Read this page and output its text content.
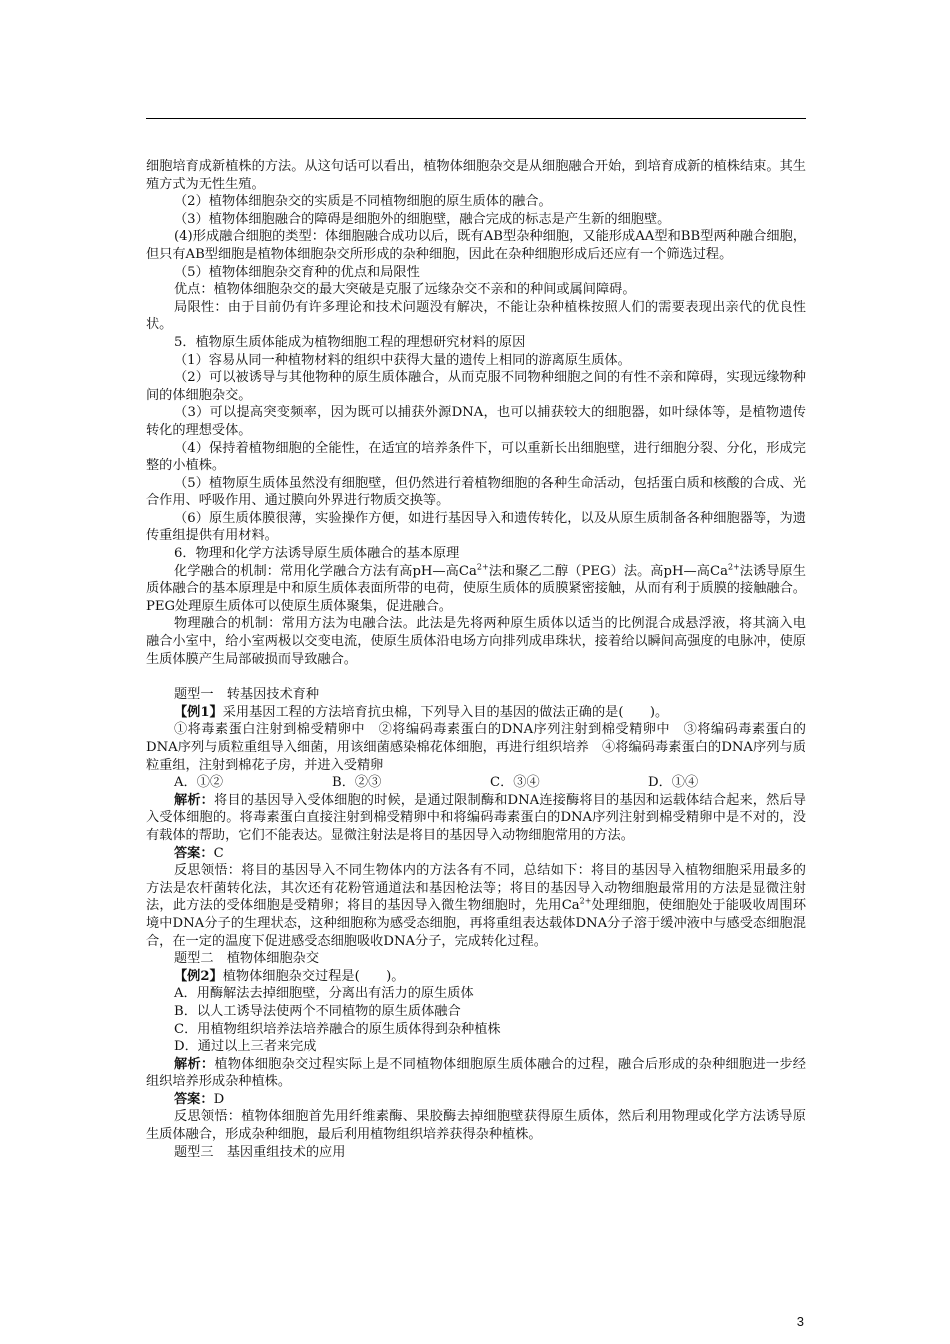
细胞培育成新植株的方法。从这句话可以看出，植物体细胞杂交是从细胞融合开始，到培育成新的植株结束。其生殖方式为无性生殖。

（2）植物体细胞杂交的实质是不同植物细胞的原生质体的融合。

（3）植物体细胞融合的障碍是细胞外的细胞壁，融合完成的标志是产生新的细胞壁。

(4)形成融合细胞的类型：体细胞融合成功以后，既有AB型杂种细胞，又能形成AA型和BB型两种融合细胞，但只有AB型细胞是植物体细胞杂交所形成的杂种细胞，因此在杂种细胞形成后还应有一个筛选过程。

（5）植物体细胞杂交育种的优点和局限性

优点：植物体细胞杂交的最大突破是克服了远缘杂交不亲和的种间或属间障碍。

局限性：由于目前仍有许多理论和技术问题没有解决，不能让杂种植株按照人们的需要表现出亲代的优良性状。

5．植物原生质体能成为植物细胞工程的理想研究材料的原因

（1）容易从同一种植物材料的组织中获得大量的遗传上相同的游离原生质体。

（2）可以被诱导与其他物种的原生质体融合，从而克服不同物种细胞之间的有性不亲和障碍，实现远缘物种间的体细胞杂交。

（3）可以提高突变频率，因为既可以捕获外源DNA，也可以捕获较大的细胞器，如叶绿体等，是植物遗传转化的理想受体。

（4）保持着植物细胞的全能性，在适宜的培养条件下，可以重新长出细胞壁，进行细胞分裂、分化，形成完整的小植株。

（5）植物原生质体虽然没有细胞壁，但仍然进行着植物细胞的各种生命活动，包括蛋白质和核酸的合成、光合作用、呼吸作用、通过膜向外界进行物质交换等。

（6）原生质体膜很薄，实验操作方便，如进行基因导入和遗传转化，以及从原生质制备各种细胞器等，为遗传重组提供有用材料。

6．物理和化学方法诱导原生质体融合的基本原理

化学融合的机制：常用化学融合方法有高pH—高$Ca^{2+}$法和聚乙二醇（PEG）法。高pH—高$Ca^{2+}$法诱导原生质体融合的基本原理是中和原生质体表面所带的电荷，使原生质体的质膜紧密接触，从而有利于质膜的接触融合。PEG处理原生质体可以使原生质体聚集，促进融合。

物理融合的机制：常用方法为电融合法。此法是先将两种原生质体以适当的比例混合成悬浮液，将其滴入电融合小室中，给小室两极以交变电流，使原生质体沿电场方向排列成串珠状，接着给以瞬间高强度的电脉冲，使原生质体膜产生局部破损而导致融合。

题型一　转基因技术育种

【例1】采用基因工程的方法培育抗虫棉，下列导入目的基因的做法正确的是(　　)。

①将毒素蛋白注射到棉受精卵中　②将编码毒素蛋白的DNA序列注射到棉受精卵中　③将编码毒素蛋白的DNA序列与质粒重组导入细菌，用该细菌感染棉花体细胞，再进行组织培养　④将编码毒素蛋白的DNA序列与质粒重组，注射到棉花子房，并进入受精卵

A．①②	B．②③	C．③④	D．①④

解析：将目的基因导入受体细胞的时候，是通过限制酶和DNA连接酶将目的基因和运载体结合起来，然后导入受体细胞的。将毒素蛋白直接注射到棉受精卵中和将编码毒素蛋白的DNA序列注射到棉受精卵中是不对的，没有载体的帮助，它们不能表达。显微注射法是将目的基因导入动物细胞常用的方法。

答案：C

反思领悟：将目的基因导入不同生物体内的方法各有不同，总结如下：将目的基因导入植物细胞采用最多的方法是农杆菌转化法，其次还有花粉管通道法和基因枪法等；将目的基因导入动物细胞最常用的方法是显微注射法，此方法的受体细胞是受精卵；将目的基因导入微生物细胞时，先用$Ca^{2+}$处理细胞，使细胞处于能吸收周围环境中DNA分子的生理状态，这种细胞称为感受态细胞，再将重组表达载体DNA分子溶于缓冲液中与感受态细胞混合，在一定的温度下促进感受态细胞吸收DNA分子，完成转化过程。

题型二　植物体细胞杂交

【例2】植物体细胞杂交过程是(　　)。

A．用酶解法去掉细胞壁，分离出有活力的原生质体

B．以人工诱导法使两个不同植物的原生质体融合

C．用植物组织培养法培养融合的原生质体得到杂种植株

D．通过以上三者来完成

解析：植物体细胞杂交过程实际上是不同植物体细胞原生质体融合的过程，融合后形成的杂种细胞进一步经组织培养形成杂种植株。

答案：D

反思领悟：植物体细胞首先用纤维素酶、果胶酶去掉细胞壁获得原生质体，然后利用物理或化学方法诱导原生质体融合，形成杂种细胞，最后利用植物组织培养获得杂种植株。

题型三　基因重组技术的应用

3
